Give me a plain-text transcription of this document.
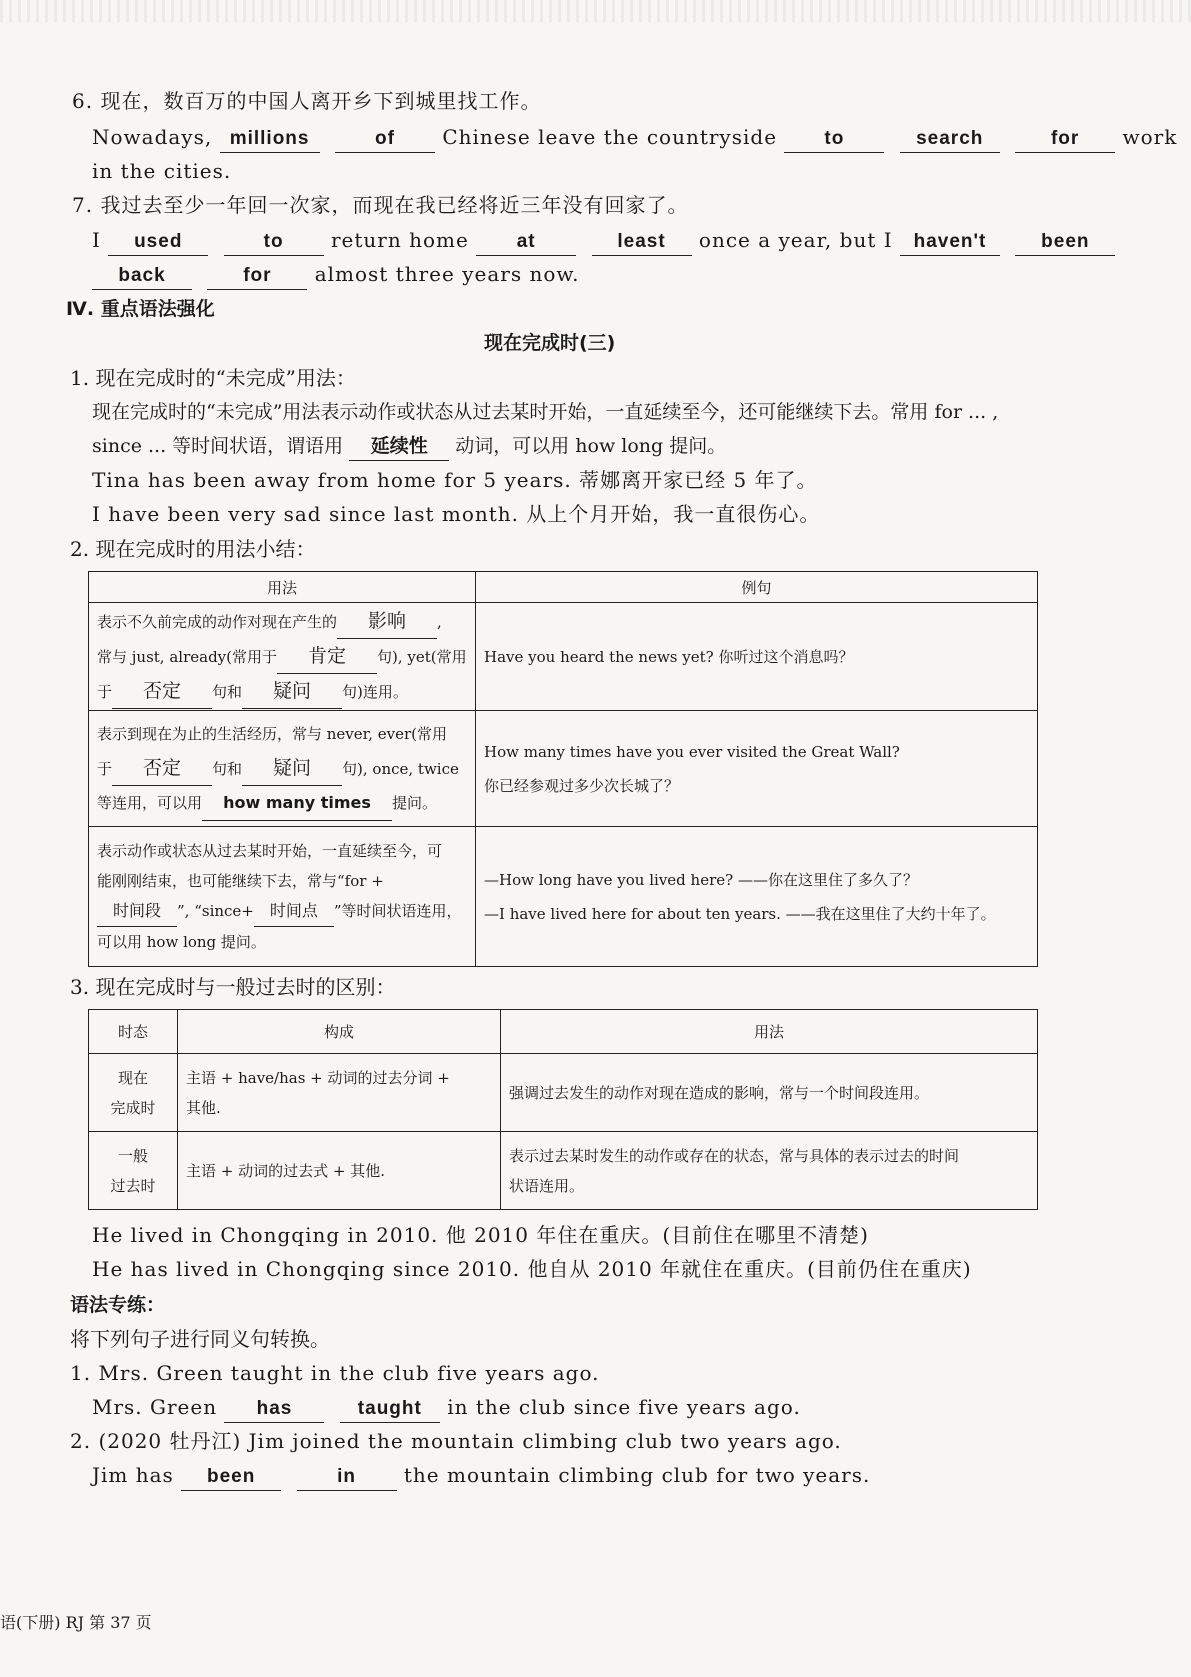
6. 现在，数百万的中国人离开乡下到城里找工作。
Nowadays, millions	of Chinese leave the countryside to	search	for work
in the cities.
7. 我过去至少一年回一次家，而现在我已经将近三年没有回家了。
I used	to return home	at	least once a year, but I haven't	been
back	for almost three years now.
Ⅳ. 重点语法强化
现在完成时(三)
1. 现在完成时的“未完成”用法：
现在完成时的“未完成”用法表示动作或状态从过去某时开始，一直延续至今，还可能继续下去。常用 for ... ,
since ... 等时间状语，谓语用 延续性 动词，可以用 how long 提问。
Tina has been away from home for 5 years. 蒂娜离开家已经 5 年了。
I have been very sad since last month. 从上个月开始，我一直很伤心。
2. 现在完成时的用法小结：
用法	例句
表示不久前完成的动作对现在产生的 影响 ,
常与 just, already(常用于 肯定 句), yet(常用
于 否定 句和 疑问 句)连用。	Have you heard the news yet? 你听过这个消息吗？
表示到现在为止的生活经历，常与 never, ever(常用
于 否定 句和 疑问 句), once, twice
等连用，可以用 how many times 提问。	How many times have you ever visited the Great Wall?
你已经参观过多少次长城了？
表示动作或状态从过去某时开始，一直延续至今，可
能刚刚结束，也可能继续下去，常与“for +
时间段 ”, “since+ 时间点 ”等时间状语连用，
可以用 how long 提问。	—How long have you lived here? ——你在这里住了多久了？
—I have lived here for about ten years. ——我在这里住了大约十年了。
3. 现在完成时与一般过去时的区别：
时态	构成	用法
现在
完成时	主语 + have/has + 动词的过去分词 +
其他.	强调过去发生的动作对现在造成的影响，常与一个时间段连用。
一般
过去时	主语 + 动词的过去式 + 其他.	表示过去某时发生的动作或存在的状态，常与具体的表示过去的时间
状语连用。
He lived in Chongqing in 2010. 他 2010 年住在重庆。(目前住在哪里不清楚)
He has lived in Chongqing since 2010. 他自从 2010 年就住在重庆。(目前仍住在重庆)
语法专练：
将下列句子进行同义句转换。
1. Mrs. Green taught in the club five years ago.
Mrs. Green has	taught in the club since five years ago.
2. (2020 牡丹江) Jim joined the mountain climbing club two years ago.
Jim has been	in the mountain climbing club for two years.
语(下册) RJ 第 37 页
